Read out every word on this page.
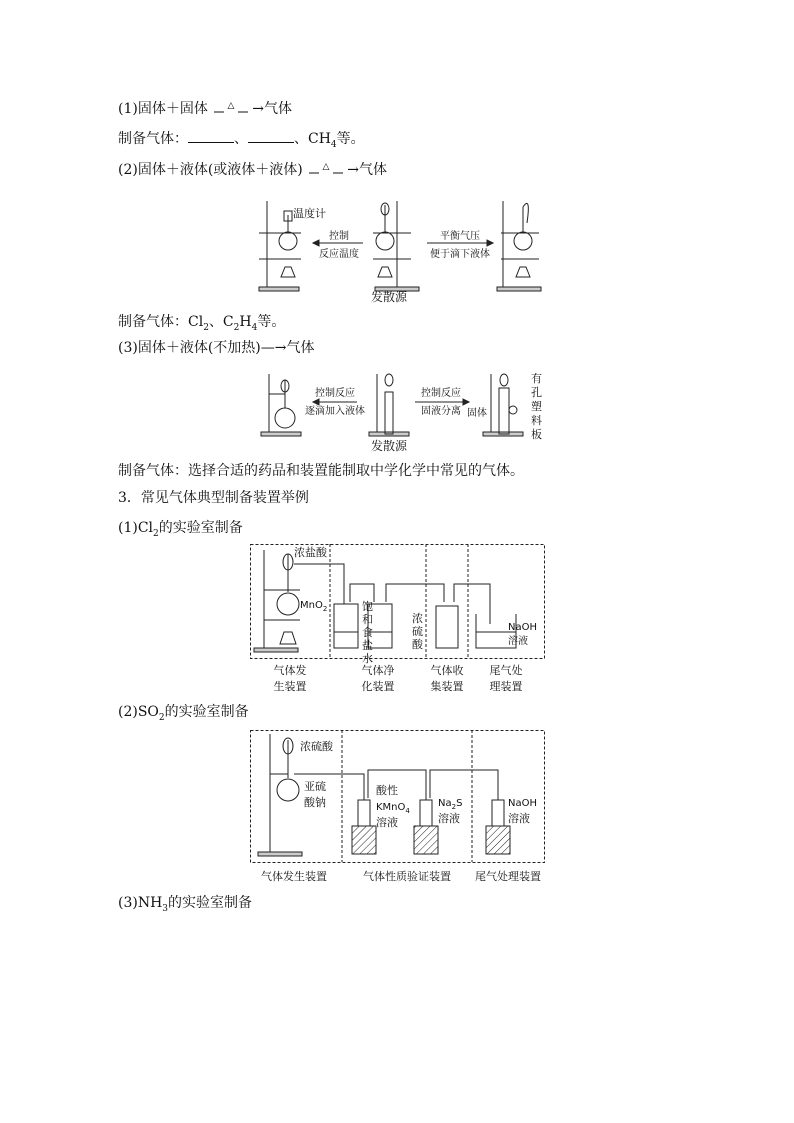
(1)固体＋固体 △ →气体
制备气体：	、	、$CH_4$等。
(2)固体＋液体(或液体＋液体) △ →气体
温度计
控制
反应温度
平衡气压
便于滴下液体
发散源
制备气体：$Cl_2$、$C_2H_4$等。
(3)固体＋液体(不加热)—→气体
控制反应
逐滴加入液体
控制反应
固液分离
发散源
固体
有
孔
塑
料
板
制备气体：选择合适的药品和装置能制取中学化学中常见的气体。
3．常见气体典型制备装置举例
$(1)Cl_2$的实验室制备
浓盐酸
MnO$_2$	饱
和
食
盐
水
浓
硫
酸
NaOH
溶液
气体发
生装置
气体净
化装置
气体收
集装置
尾气处
理装置
$(2)SO_2$的实验室制备
浓硫酸
亚硫
酸钠
酸性
KMnO$_4$
溶液
$Na_2S$
溶液
NaOH
溶液
气体发生装置	气体性质验证装置 尾气处理装置
$(3)NH_3$的实验室制备
